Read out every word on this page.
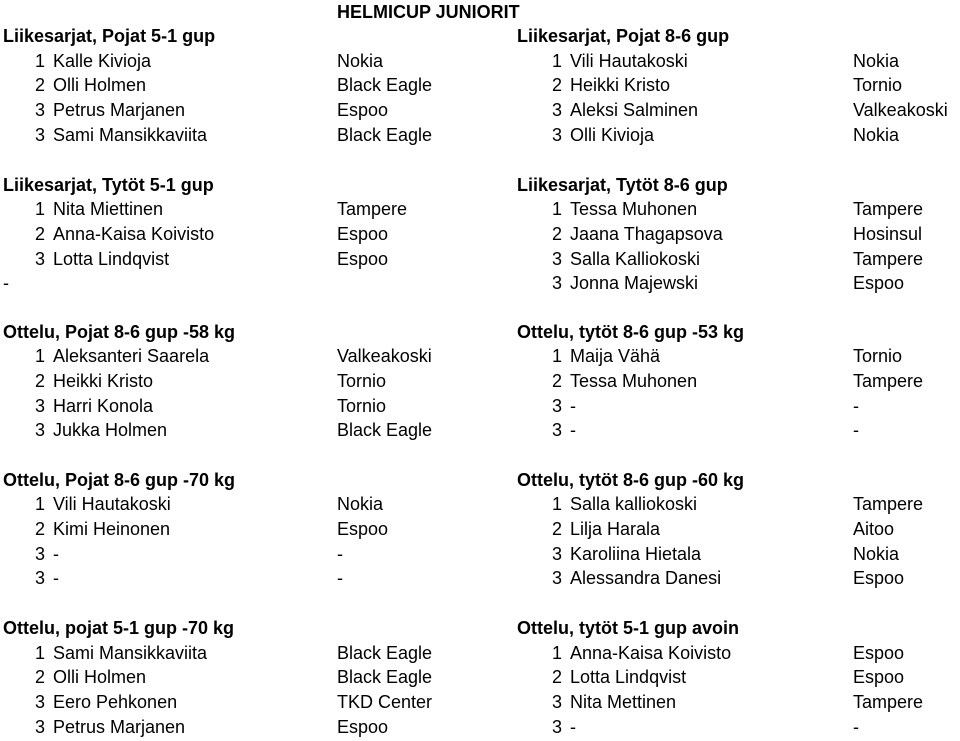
HELMICUP JUNIORIT
Liikesarjat, Pojat 5-1 gup
1 Kalle Kivioja	Nokia
2 Olli Holmen	Black Eagle
3 Petrus Marjanen	Espoo
3 Sami Mansikkaviita	Black Eagle
Liikesarjat, Tytöt 5-1 gup
1 Nita Miettinen	Tampere
2 Anna-Kaisa Koivisto	Espoo
3 Lotta Lindqvist	Espoo
-
Ottelu, Pojat 8-6 gup -58 kg
1 Aleksanteri Saarela	Valkeakoski
2 Heikki Kristo	Tornio
3 Harri Konola	Tornio
3 Jukka Holmen	Black Eagle
Ottelu, Pojat 8-6 gup -70 kg
1 Vili Hautakoski	Nokia
2 Kimi Heinonen	Espoo
3 -	-
3 -	-
Ottelu, pojat 5-1 gup -70 kg
1 Sami Mansikkaviita	Black Eagle
2 Olli Holmen	Black Eagle
3 Eero Pehkonen	TKD Center
3 Petrus Marjanen	Espoo
Liikesarjat, Pojat 8-6 gup
1 Vili Hautakoski	Nokia
2 Heikki Kristo	Tornio
3 Aleksi Salminen	Valkeakoski
3 Olli Kivioja	Nokia
Liikesarjat, Tytöt 8-6 gup
1 Tessa Muhonen	Tampere
2 Jaana Thagapsova	Hosinsul
3 Salla Kalliokoski	Tampere
3 Jonna Majewski	Espoo
Ottelu, tytöt 8-6 gup -53 kg
1 Maija Vähä	Tornio
2 Tessa Muhonen	Tampere
3 -	-
3 -	-
Ottelu, tytöt 8-6 gup -60 kg
1 Salla kalliokoski	Tampere
2 Lilja Harala	Aitoo
3 Karoliina Hietala	Nokia
3 Alessandra Danesi	Espoo
Ottelu, tytöt 5-1 gup avoin
1 Anna-Kaisa Koivisto	Espoo
2 Lotta Lindqvist	Espoo
3 Nita Mettinen	Tampere
3 -	-
